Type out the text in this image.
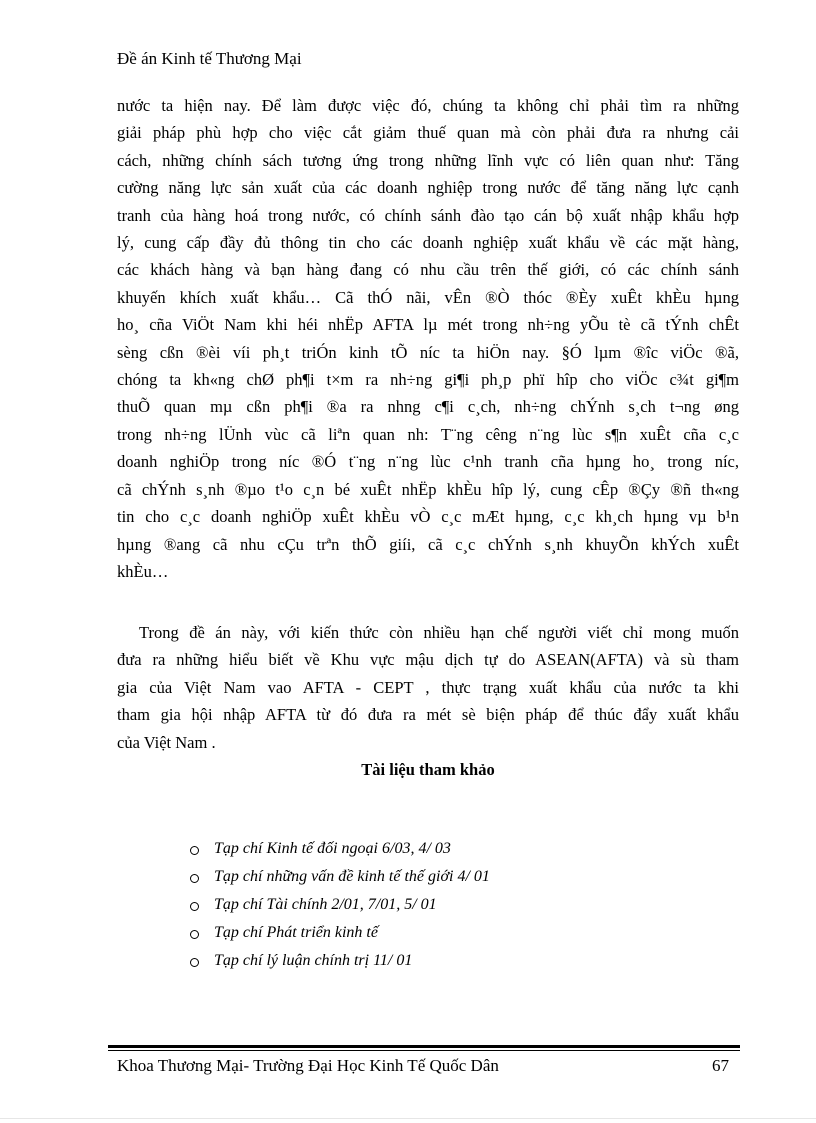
Đề án Kinh tế Thương Mại
nước ta hiện nay. Để làm được việc đó, chúng ta không chỉ phải tìm ra những
giải pháp phù hợp cho việc cắt giảm thuế quan mà còn phải đưa ra nhưng cải
cách, những chính sách tương ứng trong những lĩnh vực có liên quan như: Tăng
cường năng lực sản xuất của các doanh nghiệp trong nước để tăng năng lực cạnh
tranh của hàng hoá trong nước, có chính sánh đào tạo cán bộ xuất nhập khẩu hợp
lý, cung cấp đầy đủ thông tin cho các doanh nghiệp xuất khẩu về các mặt hàng,
các khách hàng và bạn hàng đang có nhu cầu trên thế giới, có các chính sánh
khuyến khích xuất khẩu… Cã thÓ nãi, vÊn ®Ò thóc ®Èy xuÊt khÈu hµng
ho¸ cña ViÖt Nam khi héi nhËp AFTA lµ mét trong nh÷ng yÕu tè cã tÝnh chÊt
sèng cßn ®èi víi ph¸t triÓn kinh tÕ níc ta hiÖn nay. §Ó lµm ®îc viÖc ®ã,
chóng ta kh«ng chØ ph¶i t×m ra nh÷ng gi¶i ph¸p phï hîp cho viÖc c¾t gi¶m
thuÕ quan mµ cßn ph¶i ®a ra nhng c¶i c¸ch, nh÷ng chÝnh s¸ch t¬ng øng
trong nh÷ng lÜnh vùc cã liªn quan nh: T¨ng cêng n¨ng lùc s¶n xuÊt cña c¸c
doanh nghiÖp trong níc ®Ó t¨ng n¨ng lùc c¹nh tranh cña hµng ho¸ trong níc,
cã chÝnh s¸nh ®µo t¹o c¸n bé xuÊt nhËp khÈu hîp lý, cung cÊp ®Çy ®ñ th«ng
tin cho c¸c doanh nghiÖp xuÊt khÈu vÒ c¸c mÆt hµng, c¸c kh¸ch hµng vµ b¹n
hµng ®ang cã nhu cÇu trªn thÕ giíi, cã c¸c chÝnh s¸nh khuyÕn khÝch xuÊt
khÈu…
Trong đề án này, với kiến thức còn nhiều hạn chế người viết chỉ mong muốn
đưa ra những hiểu biết về Khu vực mậu dịch tự do ASEAN(AFTA) và sù tham
gia của Việt Nam vao AFTA - CEPT , thực trạng xuất khẩu của nước ta khi
tham gia hội nhập AFTA từ đó đưa ra mét sè biện pháp để thúc đẩy xuất khẩu
của Việt Nam .
Tài liệu tham khảo
Tạp chí Kinh tế đối ngoại 6/03, 4/ 03
Tạp chí những vấn đề kinh tế thế giới 4/ 01
Tạp chí Tài chính 2/01, 7/01, 5/ 01
Tạp chí Phát triển kinh tế
Tạp chí lý luận chính trị 11/ 01
Khoa Thương Mại- Trường Đại Học Kinh Tế Quốc Dân	67
